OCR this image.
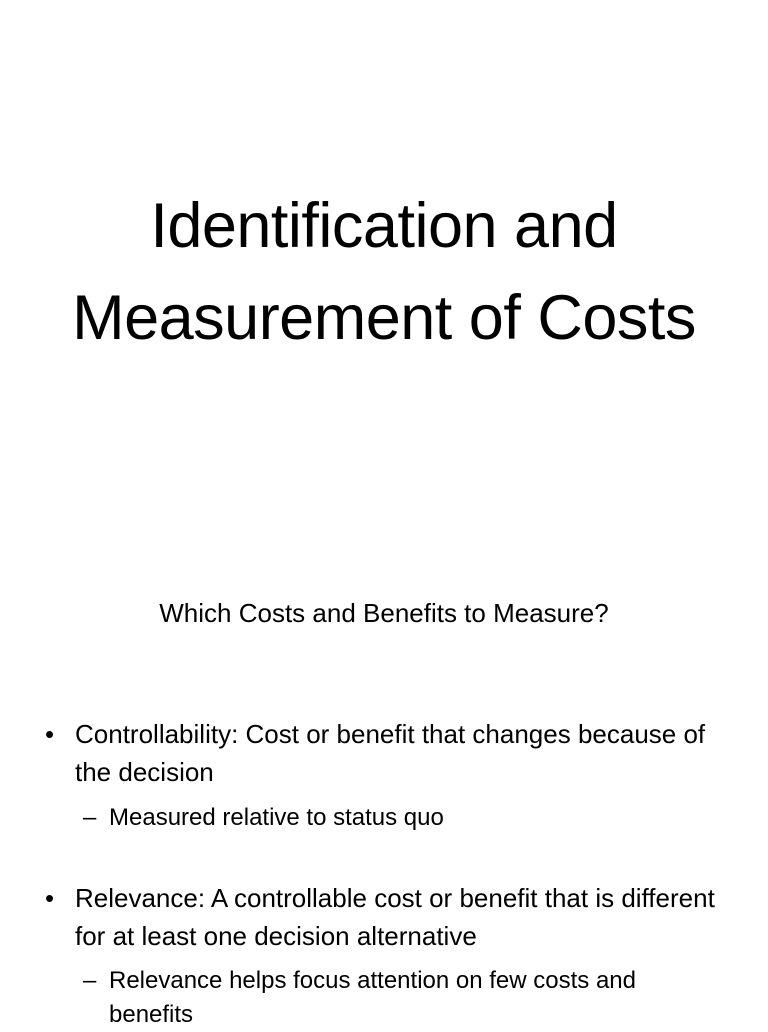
Identification and
Measurement of Costs
Which Costs and Benefits to Measure?
• Controllability: Cost or benefit that changes because of the decision
– Measured relative to status quo
• Relevance: A controllable cost or benefit that is different for at least one decision alternative
– Relevance helps focus attention on few costs and benefits
